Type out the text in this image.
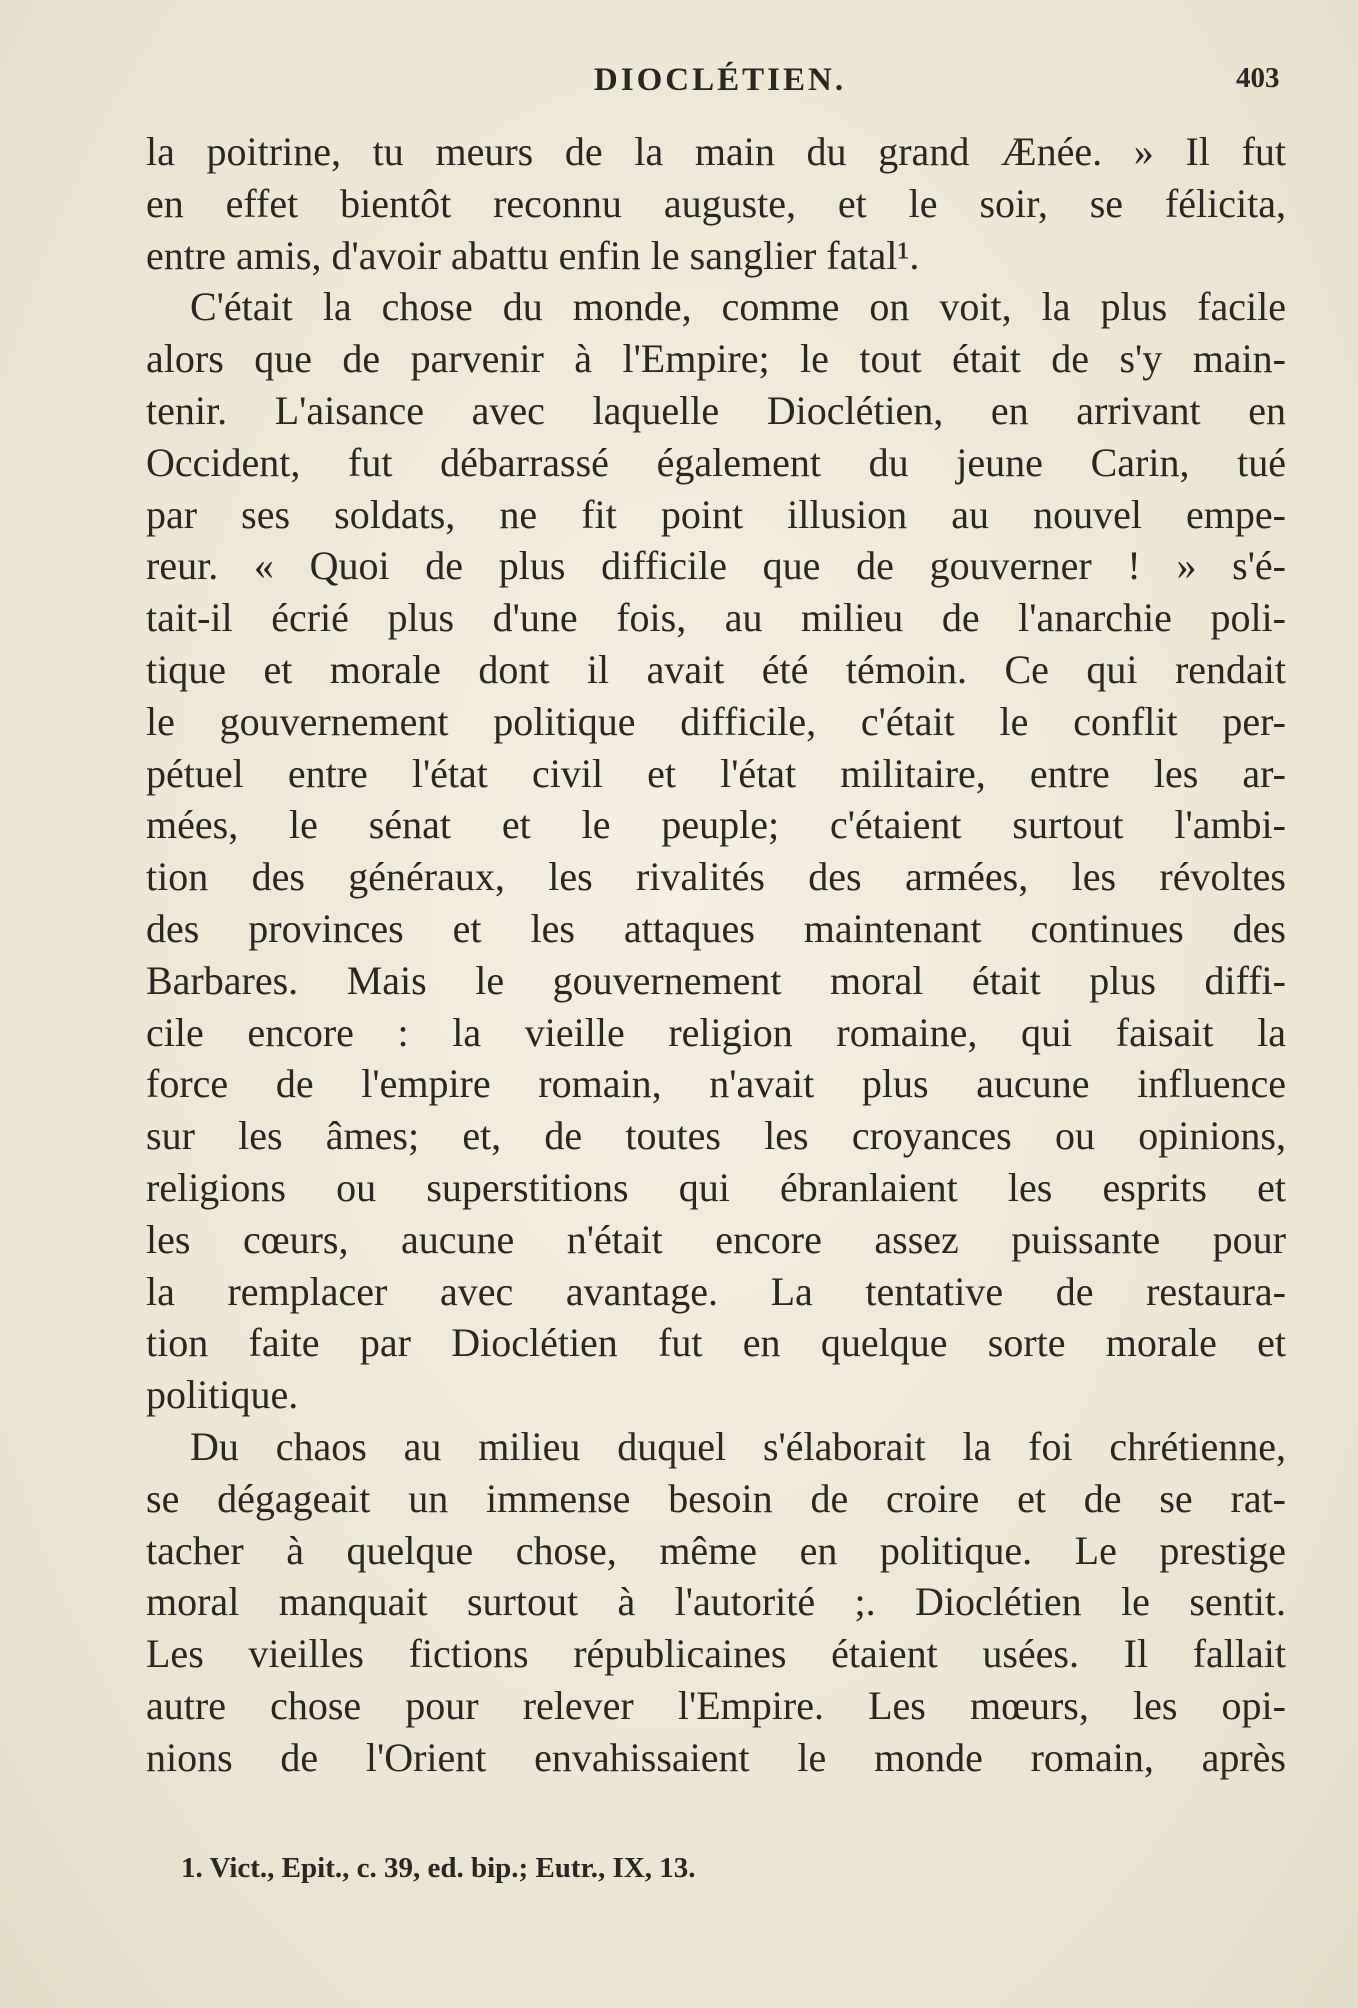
DIOCLÉTIEN.	403
la poitrine, tu meurs de la main du grand Ænée. » Il fut
en effet bientôt reconnu auguste, et le soir, se félicita,
entre amis, d'avoir abattu enfin le sanglier fatal¹.
C'était la chose du monde, comme on voit, la plus facile
alors que de parvenir à l'Empire; le tout était de s'y main-
tenir. L'aisance avec laquelle Dioclétien, en arrivant en
Occident, fut débarrassé également du jeune Carin, tué
par ses soldats, ne fit point illusion au nouvel empe-
reur. « Quoi de plus difficile que de gouverner ! » s'é-
tait-il écrié plus d'une fois, au milieu de l'anarchie poli-
tique et morale dont il avait été témoin. Ce qui rendait
le gouvernement politique difficile, c'était le conflit per-
pétuel entre l'état civil et l'état militaire, entre les ar-
mées, le sénat et le peuple; c'étaient surtout l'ambi-
tion des généraux, les rivalités des armées, les révoltes
des provinces et les attaques maintenant continues des
Barbares. Mais le gouvernement moral était plus diffi-
cile encore : la vieille religion romaine, qui faisait la
force de l'empire romain, n'avait plus aucune influence
sur les âmes; et, de toutes les croyances ou opinions,
religions ou superstitions qui ébranlaient les esprits et
les cœurs, aucune n'était encore assez puissante pour
la remplacer avec avantage. La tentative de restaura-
tion faite par Dioclétien fut en quelque sorte morale et
politique.
Du chaos au milieu duquel s'élaborait la foi chrétienne,
se dégageait un immense besoin de croire et de se rat-
tacher à quelque chose, même en politique. Le prestige
moral manquait surtout à l'autorité ;. Dioclétien le sentit.
Les vieilles fictions républicaines étaient usées. Il fallait
autre chose pour relever l'Empire. Les mœurs, les opi-
nions de l'Orient envahissaient le monde romain, après
1. Vict., Epit., c. 39, ed. bip.; Eutr., IX, 13.
